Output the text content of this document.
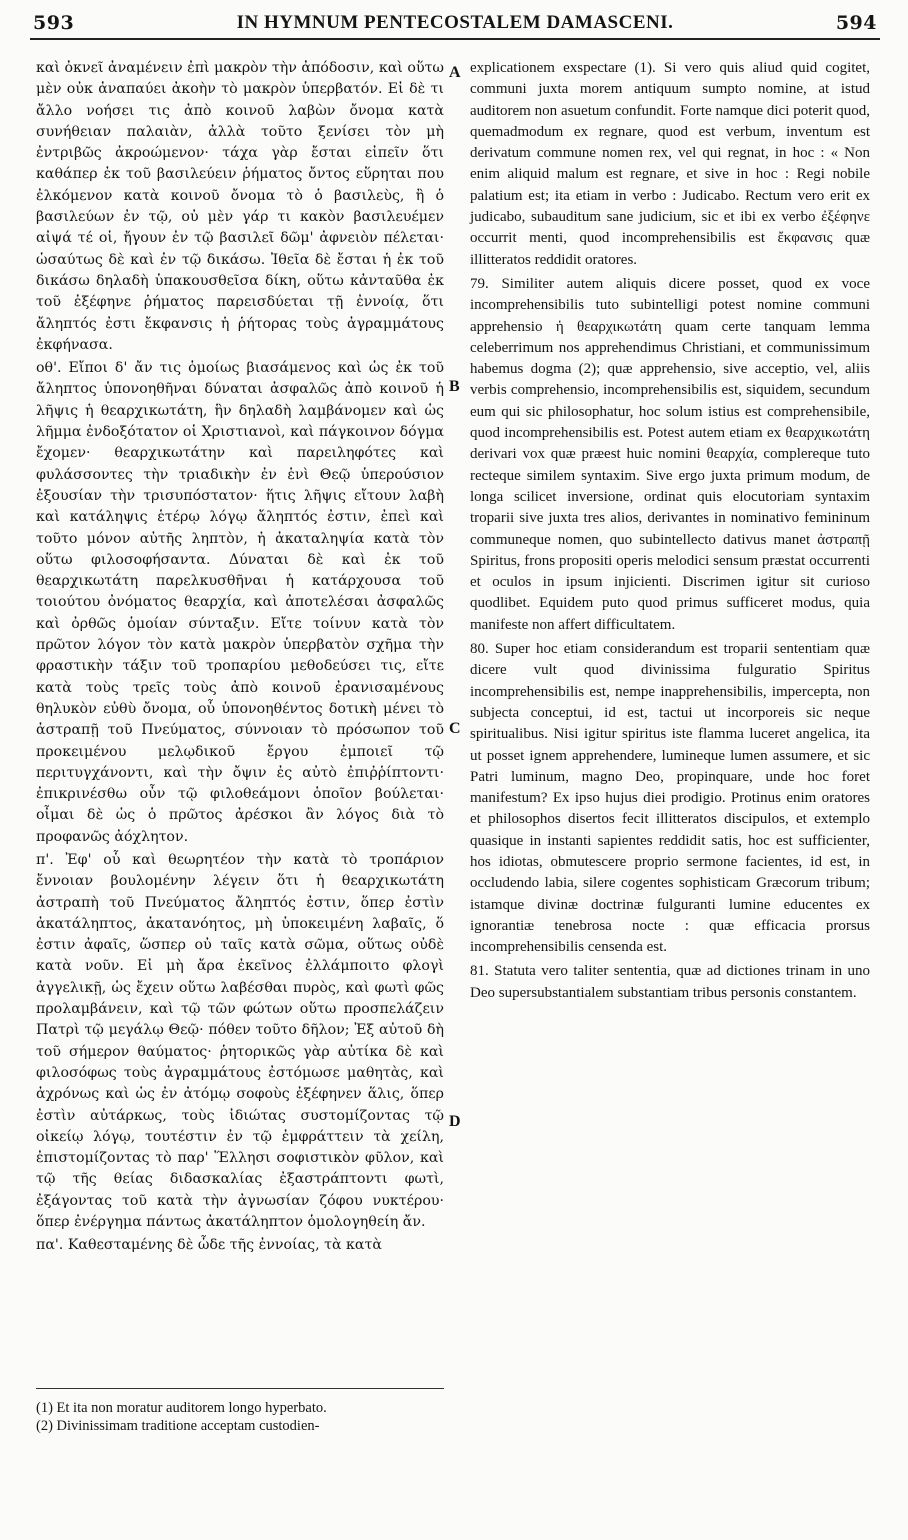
593	IN HYMNUM PENTECOSTALEM DAMASCENI.	594

καὶ ὀκνεῖ ἀναμένειν ἐπὶ μακρὸν τὴν ἀπόδοσιν, καὶ οὕτω μὲν οὐκ ἀναπαύει ἀκοὴν τὸ μακρὸν ὑπερβατόν. Εἰ δὲ τι ἄλλο νοήσει τις ἀπὸ κοινοῦ λαβὼν ὄνομα κατὰ συνήθειαν παλαιὰν, ἀλλὰ τοῦτο ξενίσει τὸν μὴ ἐντριβῶς ἀκροώμενον· τάχα γὰρ ἔσται εἰπεῖν ὅτι καθάπερ ἐκ τοῦ βασιλεύειν ῥήματος ὄντος εὕρηται που ἐλκόμενον κατὰ κοινοῦ ὄνομα τὸ ὁ βασιλεὺς, ἢ ὁ βασιλεύων ἐν τῷ, οὐ μὲν γάρ τι κακὸν βασιλευέμεν αἰψά τέ οἱ, ἤγουν ἐν τῷ βασιλεῖ δῶμ' ἀφνειὸν πέλεται· ὡσαύτως δὲ καὶ ἐν τῷ δικάσω. Ἰθεῖα δὲ ἔσται ἡ ἐκ τοῦ δικάσω δηλαδὴ ὑπακουσθεῖσα δίκη, οὕτω κἀνταῦθα ἐκ τοῦ ἐξέφηνε ῥήματος παρεισδύεται τῇ ἐννοίᾳ, ὅτι ἄληπτός ἐστι ἔκφανσις ἡ ῥήτορας τοὺς ἀγραμμάτους ἐκφήνασα.

οθ'. Εἴποι δ' ἄν τις ὁμοίως βιασάμενος καὶ ὡς ἐκ τοῦ ἄληπτος ὑπονοηθῆναι δύναται ἀσφαλῶς ἀπὸ κοινοῦ ἡ λῆψις ἡ θεαρχικωτάτη, ἣν δηλαδὴ λαμβάνομεν καὶ ὡς λῆμμα ἐνδοξότατον οἱ Χριστιανοὶ, καὶ πάγκοινον δόγμα ἔχομεν· θεαρχικωτάτην καὶ παρειληφότες καὶ φυλάσσοντες τὴν τριαδικὴν ἐν ἑνὶ Θεῷ ὑπερούσιον ἐξουσίαν τὴν τρισυπόστατον· ἥτις λῆψις εἴτουν λαβὴ καὶ κατάληψις ἑτέρῳ λόγῳ ἄληπτός ἐστιν, ἐπεὶ καὶ τοῦτο μόνον αὐτῆς ληπτὸν, ἡ ἀκαταληψία κατὰ τὸν οὕτω φιλοσοφήσαντα. Δύναται δὲ καὶ ἐκ τοῦ θεαρχικωτάτη παρελκυσθῆναι ἡ κατάρχουσα τοῦ τοιούτου ὀνόματος θεαρχία, καὶ ἀποτελέσαι ἀσφαλῶς καὶ ὀρθῶς ὁμοίαν σύνταξιν. Εἴτε τοίνυν κατὰ τὸν πρῶτον λόγον τὸν κατὰ μακρὸν ὑπερβατὸν σχῆμα τὴν φραστικὴν τάξιν τοῦ τροπαρίου μεθοδεύσει τις, εἴτε κατὰ τοὺς τρεῖς τοὺς ἀπὸ κοινοῦ ἐρανισαμένους θηλυκὸν εὐθὺ ὄνομα, οὗ ὑπονοηθέντος δοτικὴ μένει τὸ ἀστραπῇ τοῦ Πνεύματος, σύννοιαν τὸ πρόσωπον τοῦ προκειμένου μελῳδικοῦ ἔργου ἐμποιεῖ τῷ περιτυγχάνοντι, καὶ τὴν ὄψιν ἐς αὐτὸ ἐπιῤῥίπτοντι· ἐπικρινέσθω οὖν τῷ φιλοθεάμονι ὁποῖον βούλεται· οἶμαι δὲ ὡς ὁ πρῶτος ἀρέσκοι ἂν λόγος διὰ τὸ προφανῶς ἀόχλητον.

π'. Ἐφ' οὗ καὶ θεωρητέον τὴν κατὰ τὸ τροπάριον ἔννοιαν βουλομένην λέγειν ὅτι ἡ θεαρχικωτάτη ἀστραπὴ τοῦ Πνεύματος ἄληπτός ἐστιν, ὅπερ ἐστὶν ἀκατάληπτος, ἀκατανόητος, μὴ ὑποκειμένη λαβαῖς, ὅ ἐστιν ἀφαῖς, ὥσπερ οὐ ταῖς κατὰ σῶμα, οὕτως οὐδὲ κατὰ νοῦν. Εἰ μὴ ἄρα ἐκεῖνος ἐλλάμποιτο φλογὶ ἀγγελικῇ, ὡς ἔχειν οὕτω λαβέσθαι πυρὸς, καὶ φωτὶ φῶς προλαμβάνειν, καὶ τῷ τῶν φώτων οὕτω προσπελάζειν Πατρὶ τῷ μεγάλῳ Θεῷ· πόθεν τοῦτο δῆλον; Ἐξ αὐτοῦ δὴ τοῦ σήμερον θαύματος· ῥητορικῶς γὰρ αὐτίκα δὲ καὶ φιλοσόφως τοὺς ἀγραμμάτους ἐστόμωσε μαθητὰς, καὶ ἀχρόνως καὶ ὡς ἐν ἀτόμῳ σοφοὺς ἐξέφηνεν ἅλις, ὅπερ ἐστὶν αὐτάρκως, τοὺς ἰδιώτας συστομίζοντας τῷ οἰκείῳ λόγῳ, τουτέστιν ἐν τῷ ἐμφράττειν τὰ χείλη, ἐπιστομίζοντας τὸ παρ' Ἕλλησι σοφιστικὸν φῦλον, καὶ τῷ τῆς θείας διδασκαλίας ἐξαστράπτοντι φωτὶ, ἐξάγοντας τοῦ κατὰ τὴν ἀγνωσίαν ζόφου νυκτέρου· ὅπερ ἐνέργημα πάντως ἀκατάληπτον ὁμολογηθείη ἄν.

πα'. Καθεσταμένης δὲ ὧδε τῆς ἐννοίας, τὰ κατὰ

(1) Et ita non moratur auditorem longo hyperbato.

(2) Divinissimam traditione acceptam custodien-

A
B
C
D

explicationem exspectare (1). Si vero quis aliud quid cogitet, communi juxta morem antiquum sumpto nomine, at istud auditorem non asuetum confundit. Forte namque dici poterit quod, quemadmodum ex regnare, quod est verbum, inventum est derivatum commune nomen rex, vel qui regnat, in hoc : « Non enim aliquid malum est regnare, et sive in hoc : Regi nobile palatium est; ita etiam in verbo : Judicabo. Rectum vero erit ex judicabo, subauditum sane judicium, sic et ibi ex verbo ἐξέφηνε occurrit menti, quod incomprehensibilis est ἔκφανσις quæ illitteratos reddidit oratores.

79. Similiter autem aliquis dicere posset, quod ex voce incomprehensibilis tuto subintelligi potest nomine communi apprehensio ἡ θεαρχικωτάτη quam certe tanquam lemma celeberrimum nos apprehendimus Christiani, et communissimum habemus dogma (2); quæ apprehensio, sive acceptio, vel, aliis verbis comprehensio, incomprehensibilis est, siquidem, secundum eum qui sic philosophatur, hoc solum istius est comprehensibile, quod incomprehensibilis est. Potest autem etiam ex θεαρχικωτάτη derivari vox quæ præest huic nomini θεαρχία, complereque tuto recteque similem syntaxim. Sive ergo juxta primum modum, de longa scilicet inversione, ordinat quis elocutoriam syntaxim troparii sive juxta tres alios, derivantes in nominativo femininum communeque nomen, quo subintellecto dativus manet ἀστραπῇ Spiritus, frons propositi operis melodici sensum præstat occurrenti et oculos in ipsum injicienti. Discrimen igitur sit curioso quodlibet. Equidem puto quod primus sufficeret modus, quia manifeste non affert difficultatem.

80. Super hoc etiam considerandum est troparii sententiam quæ dicere vult quod divinissima fulguratio Spiritus incomprehensibilis est, nempe inapprehensibilis, impercepta, non subjecta conceptui, id est, tactui ut incorporeis sic neque spiritualibus. Nisi igitur spiritus iste flamma luceret angelica, ita ut posset ignem apprehendere, lumineque lumen assumere, et sic Patri luminum, magno Deo, propinquare, unde hoc foret manifestum? Ex ipso hujus diei prodigio. Protinus enim oratores et philosophos disertos fecit illitteratos discipulos, et extemplo quasique in instanti sapientes reddidit satis, hoc est sufficienter, hos idiotas, obmutescere proprio sermone facientes, id est, in occludendo labia, silere cogentes sophisticam Græcorum tribum; istamque divinæ doctrinæ fulguranti lumine educentes ex ignorantiæ tenebrosa nocte : quæ efficacia prorsus incomprehensibilis censenda est.

81. Statuta vero taliter sententia, quæ ad dictiones trinam in uno Deo supersubstantialem substantiam tribus personis constantem.
